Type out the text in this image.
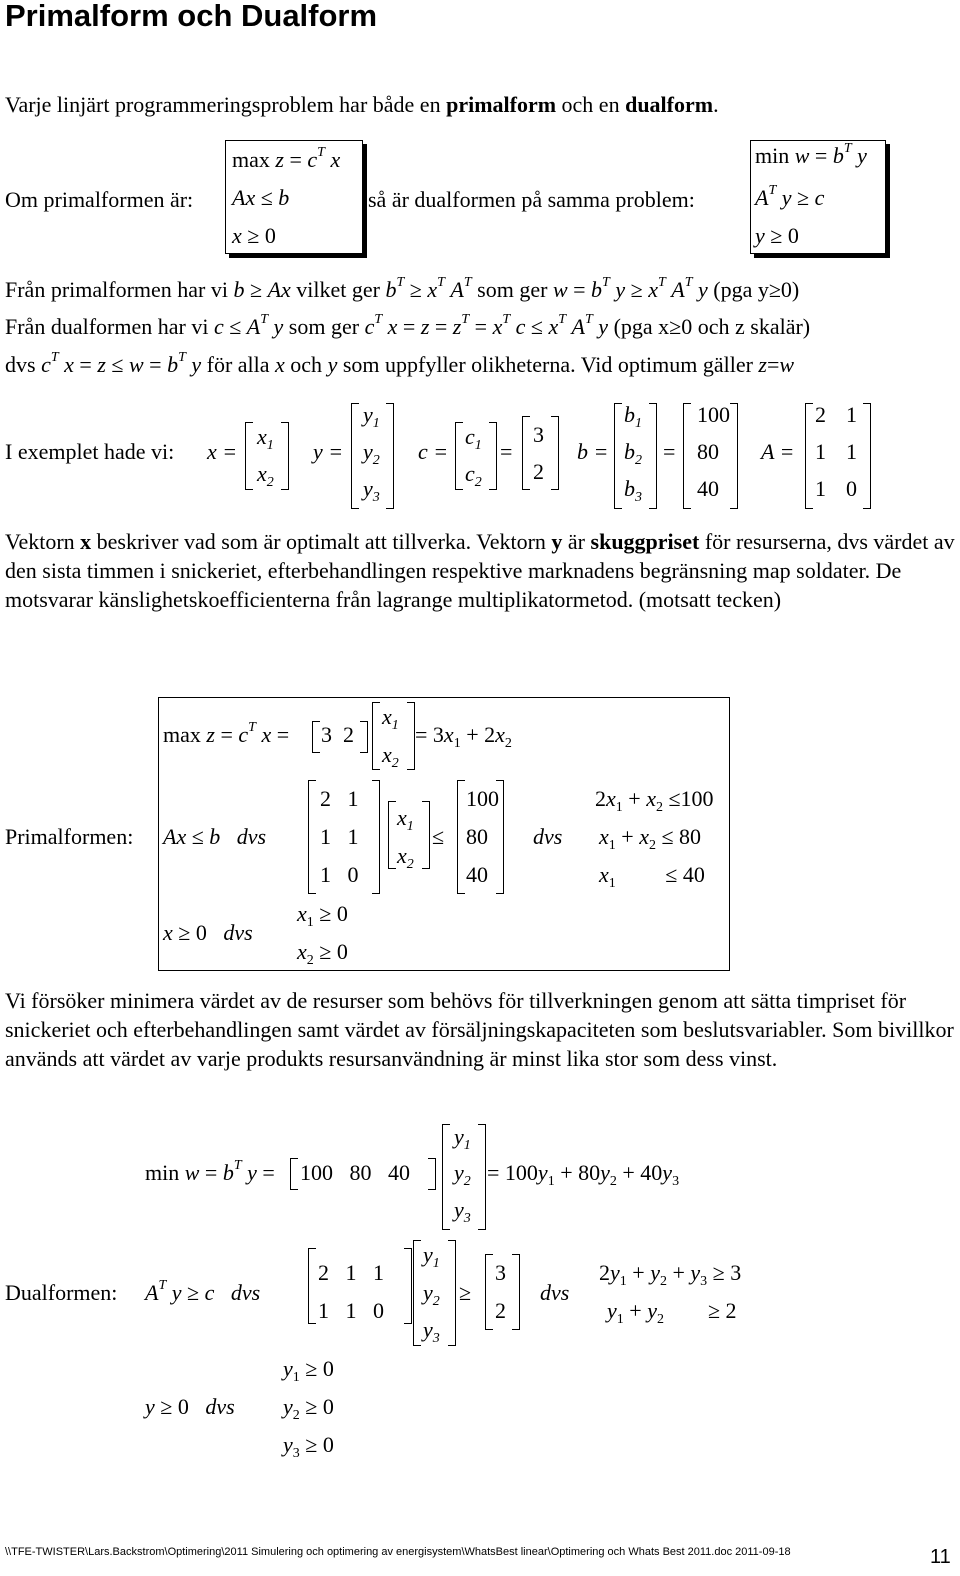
Primalform och Dualform
Varje linjärt programmeringsproblem har både en primalform och en dualform.
Om primalformen är:
$\max z = c^T$ x
Ax ≤ b
x ≥ 0
så är dualformen på samma problem:
$\min w = b^T$ y
$A^T$ y ≥ c
y ≥ 0
Från primalformen har vi b ≥ Ax vilket ger $b^T \ge x^T$ $A^T$ som ger $w = b^T$ $y \ge x^T$ $A^T$ y (pga y≥0)
Från dualformen har vi $c \le A^T$ y som ger $c^T$ $x = z = z^T = x^T$ $c \le x^T$ $A^T$ y (pga x≥0 och z skalär)
dvs $c^T$ $x = z \le w = b^T$ y för alla x och y som uppfyller olikheterna. Vid optimum gäller z=w
I exemplet hade vi: x =
$x_1$
$x_2$
y =
$y_1$
$y_2$
$y_3$
c =
$c_1$
$c_2$
=
3
2
b =
$b_1$
$b_2$
$b_3$
=
100
80
40
A =
2 1
1 1
1 0
Vektorn x beskriver vad som är optimalt att tillverka. Vektorn y är skuggpriset för resurserna, dvs värdet av den sista timmen i snickeriet, efterbehandlingen respektive marknadens begränsning map soldater. De motsvarar känslighetskoefficienterna från lagrange multiplikatormetod. (motsatt tecken)
$\max z = c^T$ x = 3  2
$x_1$
$x_2$
= $3x_1 + 2x_2$
Ax ≤ b dvs
2   1
1   1
1   0
$x_1$
$x_2$
≤
100
80
40
dvs
$2x_1 + x_2 \le 100$
$x_1 + x_2 \le 80$
$x_1$         ≤ 40
x ≥ 0   dvs
$x_1 \ge 0$
$x_2 \ge 0$
Primalformen:
Vi försöker minimera värdet av de resurser som behövs för tillverkningen genom att sätta timpriset för snickeriet och efterbehandlingen samt värdet av försäljningskapaciteten som beslutsvariabler. Som bivillkor används att värdet av varje produkts resursanvändning är minst lika stor som dess vinst.
$\min w = b^T$ y = 100   80   40
$y_1$
$y_2$
$y_3$
= $100y_1 + 80y_2 + 40y_3$
Dualformen: $A^T$ y ≥ c dvs
2   1   1
1   1   0
$y_1$
$y_2$
$y_3$
≥
3
2
dvs
$2y_1 + y_2 + y_3 \ge 3$
$y_1 + y_2$        ≥ 2
y ≥ 0   dvs
$y_1 \ge 0$
$y_2 \ge 0$
$y_3 \ge 0$
\\TFE-TWISTER\Lars.Backstrom\Optimering\2011 Simulering och optimering av energisystem\WhatsBest linear\Optimering och Whats Best 2011.doc 2011-09-18	11
